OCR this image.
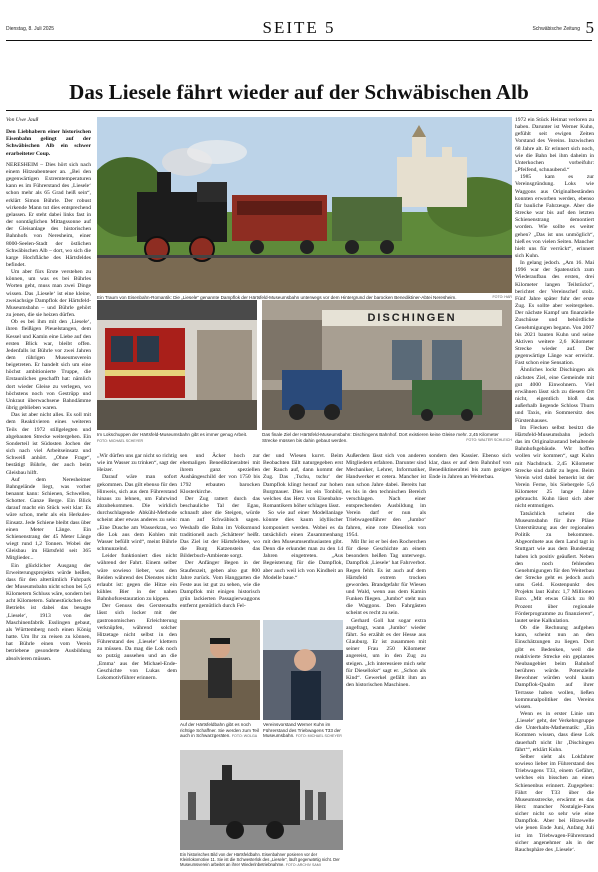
Dienstag, 8. Juli 2025	SEITE 5	Schwäbische Zeitung 5
Das Liesele fährt wieder auf der Schwäbischen Alb

Von Uwe Jauß

Den Liebhabern einer historischen Eisenbahn gelingt auf der Schwäbischen Alb ein schwer erarbeiteter Coup.

NERESHEIM – Dies hört sich nach einem Hitzeabenteuer an. „Bei den gegenwärtigen Extremtemperaturen kann es im Führerstand des ‚Liesele‘ schon mehr als 65 Grad heiß sein“, erklärt Simon Bührle. Der robust wirkende Mann tut dies entsprechend gelassen. Er steht dabei links fast in der sonntäglichen Mittagssonne auf der Gleisanlage des historischen Bahnhofs von Neresheim, einer 8000-Seelen-Stadt der östlichen Schwäbischen Alb – dort, wo sich die karge Hochfläche des Härtsfeldes befindet.

Um aber fürs Erste verstehen zu können, um was es bei Bührles Worten geht, muss man zwei Dinge wissen. Das ‚Liesele‘ ist eine kleine, zweiachsige Dampflok der Härtsfeld-Museumsbahn – und Bührle gehört zu jenen, die sie heizen dürfen.

Ob es bei ihm mit den ‚Liesele‘, ihren fleißigen Pleuelstangen, dem Kessel und Kamin eine Liebe auf den ersten Blick war, bleibt offen. Jedenfalls ist Bührle vor zwei Jahren dem rührigen Museumsverein beigetreten. Er handelt sich um eine höchst ambitionierte Truppe, die Erstaunliches geschafft hat: nämlich dort wieder Gleise zu verlegen, wo höchstens noch von Gestrüpp und Unkraut überwachsene Bahndämme übrig geblieben waren.

Das ist aber nicht alles. Es soll mit dem Reaktivieren eines weiteren Teils der 1972 stillgelegten und abgebauten Strecke weitergehen. Ein Sonderteil ist Südosten Jochen der sich nach viel Arbeitseinsatz und Schweiß anhört. „Ohne Frage“, bestätigt Bührle, der auch beim Gleisbau hilft.

Auf dem Neresheimer Bahngelände liegt, was vorher benannt kann: Schienen, Schwellen, Schotter. Ganze Berge. Ein Blick darauf macht ein Stück weit klar: Es wäre schon, mehr als ein Herkules-Einsatz. Jede Schiene bleibt dass über einen Meter Länge. Ein Schienenstrang der 45 Meter Länge wiegt rund 1,2 Tonnen. Wobei der Gleisbau im Härtsfeld seit 365 Mitglieder...

Ein glücklicher Ausgang der Erweiterungsprojekts würde heißen, dass für den altertümlich Fuhrpark der Museumsbahn nicht schon bei 5,6 Kilometern Schluss wäre, sondern bei acht Kilometern. Sahnestückchen des Betriebs ist dabei das besagte ‚Liesele‘, 1913 von der Maschinenfabrik Esslingen gebaut, als Württemberg noch einen König hatte. Um Ihr zu reisen zu können, hat Bührle einen vom Verein betriebene gesonderte Ausbildung absolvieren müssen.

Ein Traum von Eisenbahn-Romantik: Die „Liesele“ genannte Dampflok der Härtsfeld-Museumsbahn unterwegs vor dem Hintergrund der barocken Benediktiner-Abtei Neresheim.	FOTO: HAR

1972 ein Stück Heimat verloren zu haben. Darunter ist Werner Kuhn, gefühlt seit ewigen Zeiten Vorstand des Vereins. Inzwischen 68 Jahre alt. Er erinnert sich noch, wie die Bahn bei ihm daheim in Unterkochen vorbeifuhr: „Pfeifend, schnaubend.“

1985 kam es zur Vereinsgründung. Loks wie Waggons aus Originalbeständen konnten erworben werden, ebenso für bauliche Fahrzeuge. Aber die Strecke war bis auf den letzten Schienenstrang demontiert worden. Wie sollte es weiter gehen? „Das ist uns unmöglich“, hieß es von vielen Seiten. Mancher hielt uns für verrückt“, erinnert sich Kuhn.

In gelang jedoch. „Am 16. Mai 1996 war der Spatenstich zum Wiederaufbau des ersten, drei Kilometer langen Teilstücks“, berichtet der Vereinschef stolz. Fünf Jahre später fuhr der erste Zug. Es sollte aber weitergehen. Der nächste Kampf um finanzielle Zuschüsse und behördliche Genehmigungen begann. Von 2007 bis 2021 bauten Kuhn und seine Aktiven weitere 2,6 Kilometer Strecke wieder auf. Der gegenwärtige Länge war erreicht. Fast schon eine Sensation.

Ähnliches lockt Dischingen als nächstes Ziel, eine Gemeinde mit gut 4000 Einwohnern. Viel erwähnen lässt sich zu diesem Ort nicht, eigentlich bloß das außerhalb liegende Schloss Thurn und Taxis, ein Sommersitz des Fürstenhauses.

Im Flecken selbst besitzt die Härtsfeld-Museumsbahn jedoch das im Originalzustand behaltende Bahnhofsgebäude. Wir hoffen wollen wir kommen“, sagt Kuhn mit Nachdruck. 2,45 Kilometer Strecke sind dafür zu legen. Beim Verein wird dabei bemerkt ist der Verein Ferne, bis Siebergele 5,6 Kilometer 25 lange Jahre gebraucht. Kuhn lässt sich aber nicht entmutigen.

Tatsächlich scheint die Museumsbahn für ihre Pläne Unterstützung aus der regionalen Politik zu bekommen. Abgeordnete aus dem Land tagt in Stuttgart wie aus dem Bundestag haben ich positiv geäußert. Neben den noch fehlenden Genehmigungen für den Weiterbau der Strecke geht es jedoch auch ums Geld. Kostenpunkt des Projekts laut Kuhn: 1,7 Millionen Euro. „Mit etwas Glück zu 80 Prozent über regionale Förderprogramme zu finanzieren“, lautet seine Kalkulation.

Ob die Rechnung aufgehen kann, scheint nun an den Einschätzungen zu liegen. Dort gibt es Bedenken, weil die reaktivierte Strecke ein geplantes Neubaugebiet beim Bahnhof berühren würde. Potenzielle Bewohner würden wohl kaum Dampflok-Qualm auf ihrer Terrasse haben wollen, ließen kommunalpolitiker des Vereins wissen.

Wenn es in erster Linie um ‚Liesele‘ geht, der Verkehrsgruppe die Unterhalts-Mathematik: „Ein Kommen wissen, dass diese Lok dauerhaft nicht ihr ‚Dischingen fährt‘“, erklärt Kuhn.

Selber sieht als Lokfahrer sowieso lieber im Führerstand des Triebwagens T33, einem Gefährt, welches ein bisschen an einen Schienenbus erinnert. Zugegeben: Fährt der T33 über die Museumsstrecke, erwärmt es das Herz mancher Nostalgie-Fans sicher nicht so sehr wie eine Dampflok. Aber bei Hitzewelle wie jenen Ende Juni, Anfang Juli ist im Triebwagen-Führerstand sicher angenehmer als in der Rauchsphäre des ‚Liesele‘.

Im Lokschuppen der Härtsfeld-Museumsbahn gibt es immer genug Arbeit. FOTO: MICHAEL SCHEYER
DISCHINGEN
Das finale Ziel der Härtsfeld-Museumsbahn: Dischingens Bahnhof. Dort existieren keine Gleise mehr. 2,45 Kilometer Strecke müssen bis dahin gebaut werden.	FOTO: WALTER SCHLEICH

„Wir dürfen uns gar nicht so richtig wie im Wasser zu trinken“, sagt der Heizer.

Darauf wäre man sofort gekommen. Das gilt ebenso für den Hinweis, sich aus dem Führerstand hinaus zu lehnen, um Fahrwind abzubekommen. Die wirklich durchschlagende Abkühl-Methode scheint aber etwas anderes zu sein: „Eine Dusche am Wasserkran, wo die Lok aus dem Kohlen mit Wasser befüllt wird“, meint Bührle schmunzelnd.

Leider funktioniert dies nicht während der Fahrt. Einem selber wäre sowieso lieber, was den Reiden während des Dienstes nicht erlaubt ist: gegen die Hitze ein kühles Bier in der nahen Bahnhofsrestauration zu kippen.

Der Genuss des Gerstensafts lässt sich locker mit der gastronomischen Erleichterung verknüpfen, während solcher Hitzetage nicht selbst in den Führerstand des ‚Liesele‘ klettern zu müssen. Da mag die Lok noch so putzig aussehen und an die ‚Emma‘ aus der Michael-Ende-Geschichte von Lukas dem Lokomotivführer erinnern.

sen und Äcker hoch zur ehemaligen Benediktinerabtei mit ihrem ganz speziellen Aushängeschild der von 1750 bis 1792 erbauten barocken Klosterkirche.

Der Zug rattert durch das beschauliche Tal der Egau, schnauft aber die Steigen, würde man auf Schwäbisch sagen. Weshalb die Bahn im Volksmund traditionell auch ‚Schättere‘ heißt. Das Ziel ist der Härtsfeldsee, wo die Burg Katzenstein das Bilderbuch-Ambiente sorgt.

Der Anfänger Begen in der Staufenzeit, geben also gut 800 Jahre zurück. Vom Hanggarten die Feste aus ist gut zu sehen, wie die Dampflok mit einigen historisch grün lackierten Passagierwaggons entfernt gemütlich durch Fel-

der und Wiesen kurvt. Beim Beobachten fällt naturgegeben erst der Rauch auf, dann kommt der Zug. Das ‚Tschu, tschu‘ der Dampflok klingt herauf zur hohen Burgmauer. Dies ist ein Tonbild, welches das Herz von Eisenbahn-Romantikern höher schlagen lässt.

So wie auf einer Modellanlage könnte dies kaum idyllischer komponiert werden. Wobei es da tatsächlich einen Zusammenhang mit den Museumsenthusiasten gibt. Denn die erkundet man zu den 14 Jahren eingetreten. „Aus Begeisterung für die Dampflok, aber auch weil ich von Kindheit an Modelle baue.“

Außerdem lässt sich von anderen Mitgliedern erfahren. Darunter sind Mechaniker, Lehrer, Informatiker, Handwerker et cetera. Mancher ist nun schon Jahre dabei. Bereits hat es bis in den technischen Bereich verschlagen. Nach einer entsprechenden Ausbildung im Verein darf er nun als Triebwagenführer den ‚Jumbo‘ fahren, eine rote Diesellok von 1954.

Mit Ihr ist er bei den Rocherchen für diese Geschichte an einem besonders heißen Tag unterwegs. Dampflok ‚Liesele‘ hat Fahrverbot. Regen fehlt. Es ist auch auf dem Härtsfeld extrem trocken geworden. Brandgefahr für Wiesen und Wald, wenn aus dem Kamin Funken fliegen. „Jumbo“ steht nun die Waggons. Den Fahrgästen scheint es recht zu sein.

Gerhard Goll hat sogar extra angefragt, wann ‚Jumbo‘ wieder fährt. So erzählt es der Hesse aus Glauburg. Er ist zusammen mit seiner Frau 250 Kilometer angereist, um in den Zug zu steigen. „Ich interessiere mich sehr für Dieselloks“ sagt er. „Schon als Kind“. Gewerkel gefällt ihm an den historischen Maschinen.

sondern den Kassier. Ebenso sich klar, dass er auf dem Bahnhof von Benediktinerabtei bis zum gezigen Ende in Jahren an Weiterbau.

Auf der Härtsfeldbahn gibt es noch richtige Schaffner. Sie werden zum Teil auch in Schwarzgeräten. FOTO: WOLGA
Vereinsvorstand Werner Kuhn im Führerstand des Triebwagens T33 der Museumsbahn. FOTO: MICHAEL SCHEYER
Ein historisches Bild von der Härtsfeldbahn. Eisenbahner posieren vor der Kleinlokomotive 11. Sie ist die Schwesterlok des „Liesele“, läuft gegenwärtig nicht. Der Museumsverein arbeitet an ihrer Wiederinbetriebnahme. FOTO: ARCHIV SAMI
